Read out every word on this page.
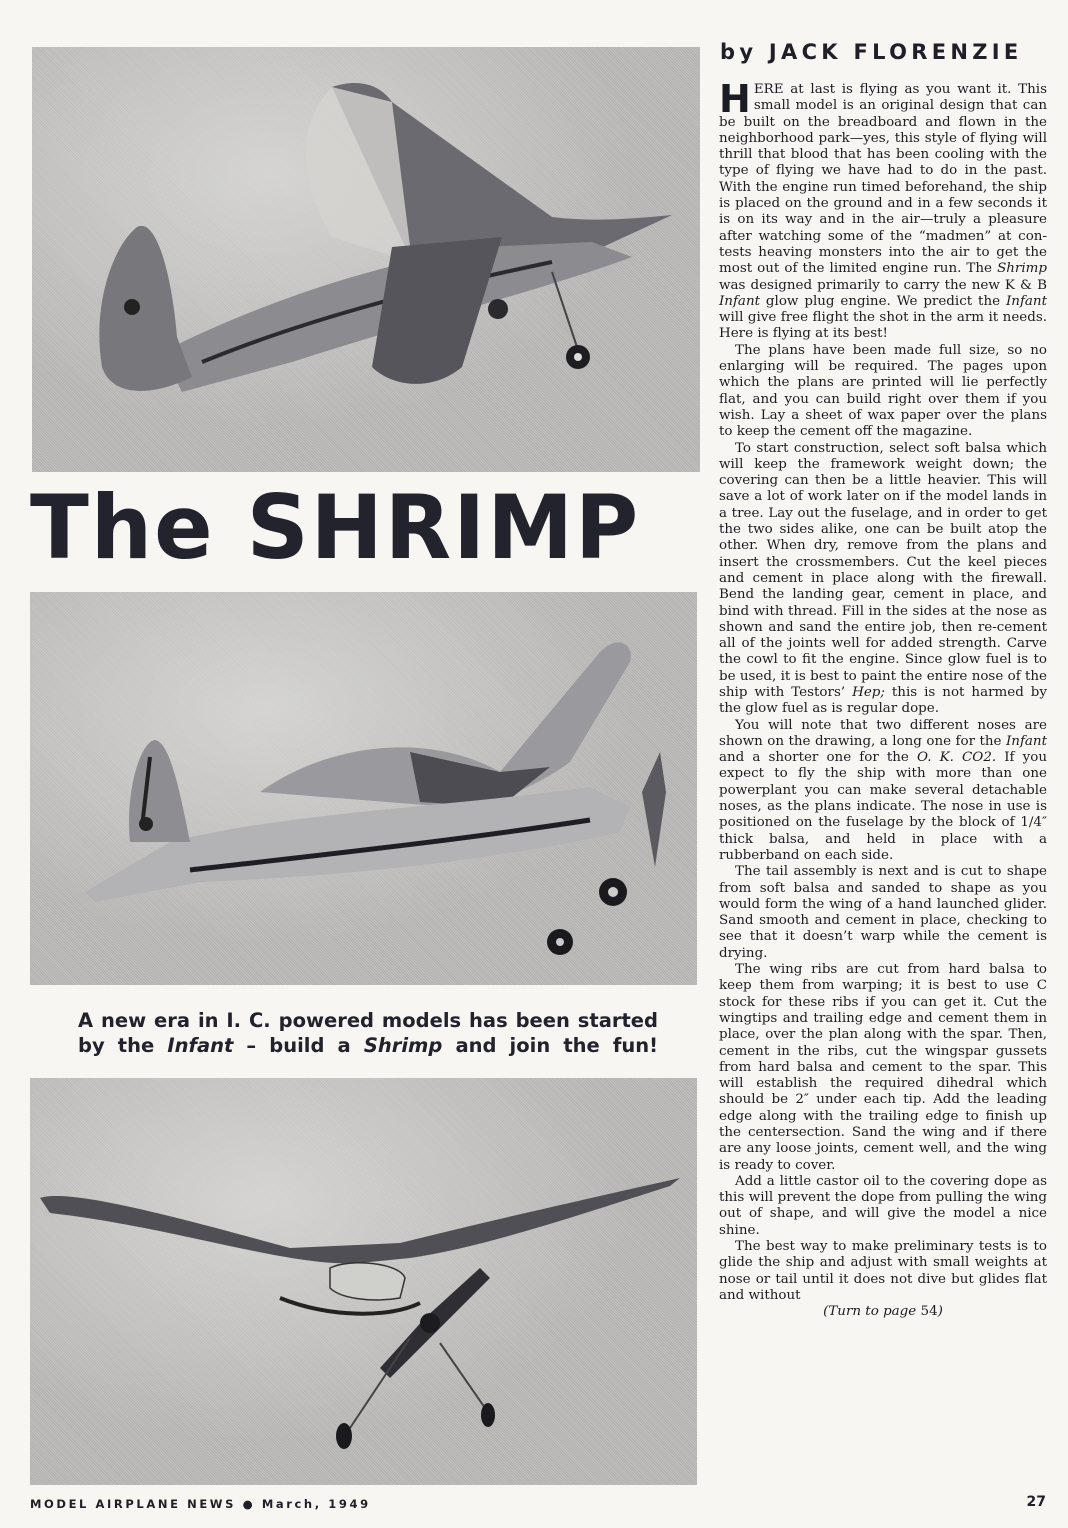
The SHRIMP
A new era in I. C. powered models has been started by the Infant – build a Shrimp and join the fun!
by JACK FLORENZIE

HERE at last is flying as you want it. This small model is an original design that can be built on the breadboard and flown in the neighborhood park—yes, this style of flying will thrill that blood that has been cooling with the type of flying we have had to do in the past. With the engine run timed beforehand, the ship is placed on the ground and in a few seconds it is on its way and in the air—truly a pleasure after watching some of the “madmen” at contests heaving monsters into the air to get the most out of the limited engine run. The Shrimp was designed primarily to carry the new K & B Infant glow plug engine. We predict the Infant will give free flight the shot in the arm it needs. Here is flying at its best!

The plans have been made full size, so no enlarging will be required. The pages upon which the plans are printed will lie perfectly flat, and you can build right over them if you wish. Lay a sheet of wax paper over the plans to keep the cement off the magazine.

To start construction, select soft balsa which will keep the framework weight down; the covering can then be a little heavier. This will save a lot of work later on if the model lands in a tree. Lay out the fuselage, and in order to get the two sides alike, one can be built atop the other. When dry, remove from the plans and insert the crossmembers. Cut the keel pieces and cement in place along with the firewall. Bend the landing gear, cement in place, and bind with thread. Fill in the sides at the nose as shown and sand the entire job, then re-cement all of the joints well for added strength. Carve the cowl to fit the engine. Since glow fuel is to be used, it is best to paint the entire nose of the ship with Testors’ Hep; this is not harmed by the glow fuel as is regular dope.

You will note that two different noses are shown on the drawing, a long one for the Infant and a shorter one for the O. K. CO2. If you expect to fly the ship with more than one powerplant you can make several detachable noses, as the plans indicate. The nose in use is positioned on the fuselage by the block of 1/4″ thick balsa, and held in place with a rubberband on each side.

The tail assembly is next and is cut to shape from soft balsa and sanded to shape as you would form the wing of a hand launched glider. Sand smooth and cement in place, checking to see that it doesn’t warp while the cement is drying.

The wing ribs are cut from hard balsa to keep them from warping; it is best to use C stock for these ribs if you can get it. Cut the wingtips and trailing edge and cement them in place, over the plan along with the spar. Then, cement in the ribs, cut the wingspar gussets from hard balsa and cement to the spar. This will establish the required dihedral which should be 2″ under each tip. Add the leading edge along with the trailing edge to finish up the centersection. Sand the wing and if there are any loose joints, cement well, and the wing is ready to cover.

Add a little castor oil to the covering dope as this will prevent the dope from pulling the wing out of shape, and will give the model a nice shine.

The best way to make preliminary tests is to glide the ship and adjust with small weights at nose or tail until it does not dive but glides flat and without

(Turn to page 54)

MODEL AIRPLANE NEWS ● March, 1949	27
